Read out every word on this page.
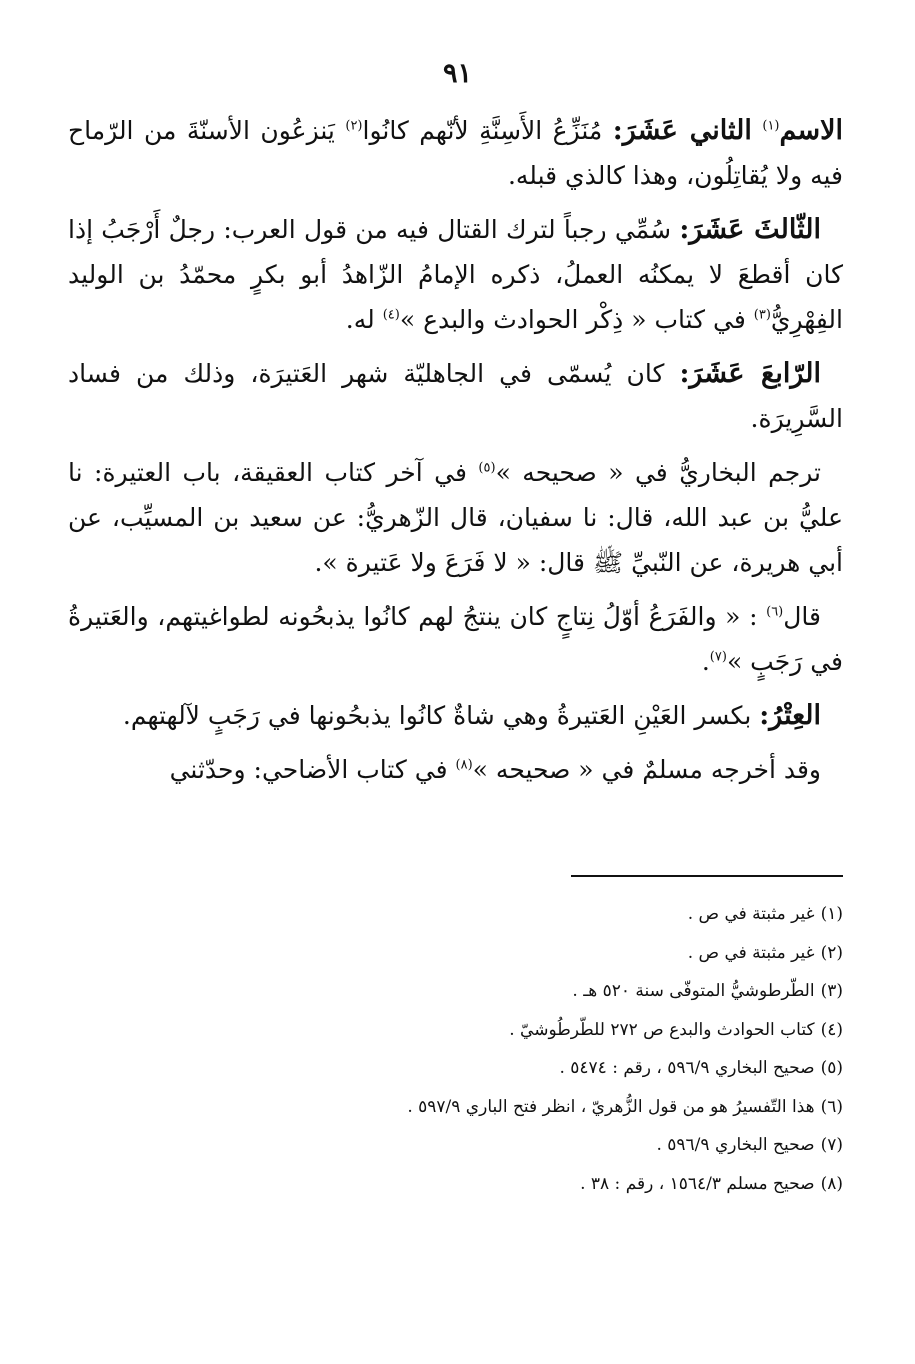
٩١

الاسم$^{(١)}$ الثاني عَشَرَ: مُنَزِّعُ الأَسِنَّةِ لأنّهم كانُوا$^{(٢)}$ يَنزعُون الأسنّةَ من الرّماح فيه ولا يُقاتِلُون، وهذا كالذي قبله.

الثّالثَ عَشَرَ: سُمِّي رجباً لترك القتال فيه من قول العرب: رجلٌ أَرْجَبُ إذا كان أقطعَ لا يمكنُه العملُ، ذكره الإمامُ الزّاهدُ أبو بكرٍ محمّدُ بن الوليد الفِهْرِيُّ$^{(٣)}$ في كتاب « ذِكْر الحوادث والبدع »$^{(٤)}$ له.

الرّابعَ عَشَرَ: كان يُسمّى في الجاهليّة شهر العَتيرَة، وذلك من فساد السَّرِيرَة.

ترجم البخاريُّ في « صحيحه »$^{(٥)}$ في آخر كتاب العقيقة، باب العتيرة: نا عليُّ بن عبد الله، قال: نا سفيان، قال الزّهريُّ: عن سعيد بن المسيِّب، عن أبي هريرة، عن النّبيِّ ﷺ قال: « لا فَرَعَ ولا عَتيرة ».

قال$^{(٦)}$ : « والفَرَعُ أوّلُ نِتاجٍ كان ينتجُ لهم كانُوا يذبحُونه لطواغيتهم، والعَتيرةُ في رَجَبٍ »$^{(٧)}$.

العِتْرُ: بكسر العَيْنِ العَتيرةُ وهي شاةٌ كانُوا يذبحُونها في رَجَبٍ لآلهتهم.

وقد أخرجه مسلمٌ في « صحيحه »$^{(٨)}$ في كتاب الأضاحي: وحدّثني

(١)غير مثبتة في ص .
(٢)غير مثبتة في ص .
(٣)الطّرطوشيُّ المتوفّى سنة ٥٢٠ هـ .
(٤)كتاب الحوادث والبدع ص ٢٧٢ للطّرطُوشيّ .
(٥)صحيح البخاري ٥٩٦/٩ ، رقم : ٥٤٧٤ .
(٦)هذا التّفسيرُ هو من قول الزُّهريّ ، انظر فتح الباري ٥٩٧/٩ .
(٧)صحيح البخاري ٥٩٦/٩ .
(٨)صحيح مسلم ١٥٦٤/٣ ، رقم : ٣٨ .
